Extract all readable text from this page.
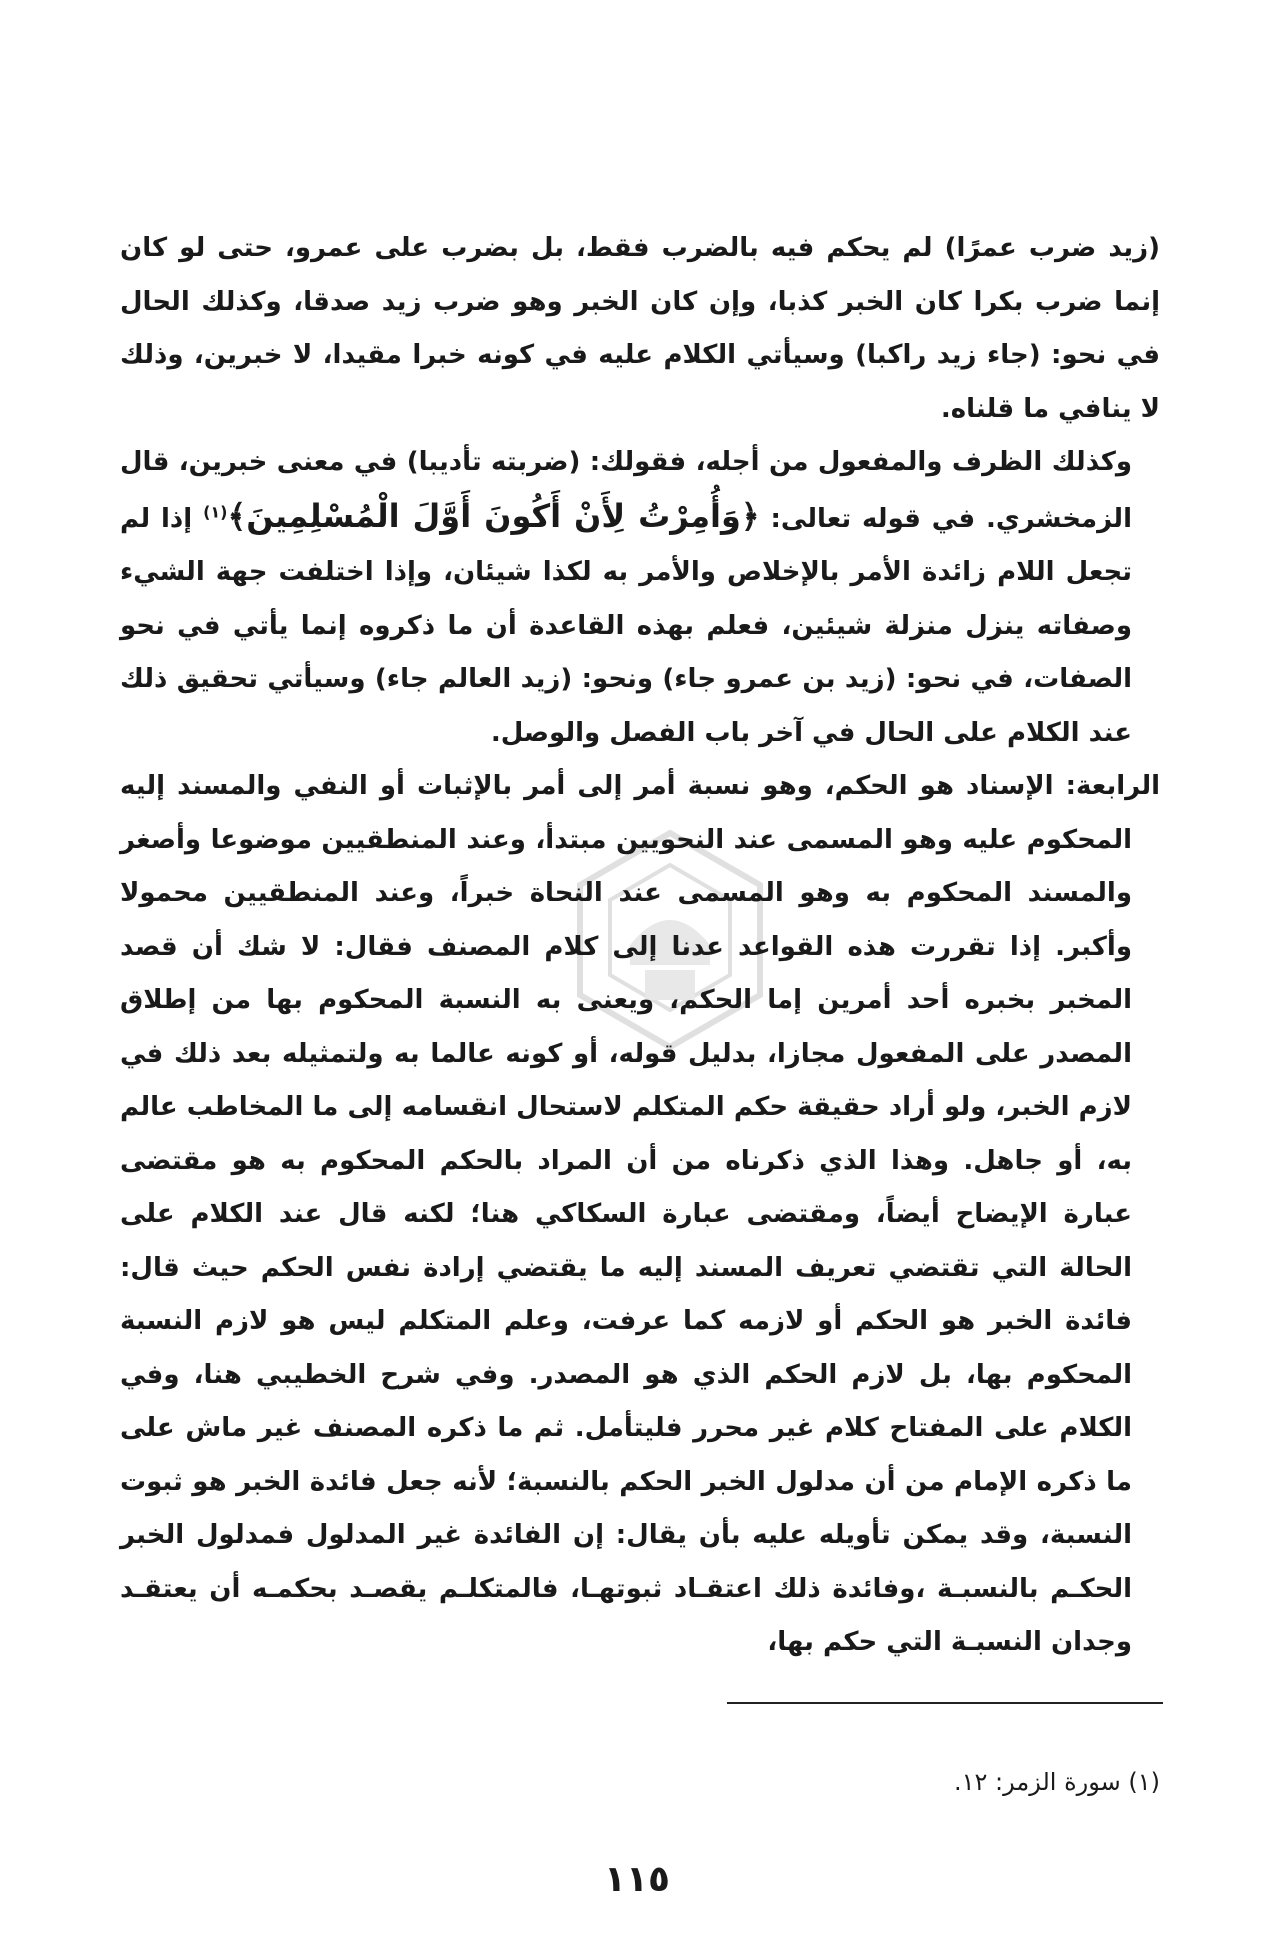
(زيد ضرب عمرًا) لم يحكم فيه بالضرب فقط، بل بضرب على عمرو، حتى لو كان إنما ضرب بكرا كان الخبر كذبا، وإن كان الخبر وهو ضرب زيد صدقا، وكذلك الحال في نحو: (جاء زيد راكبا) وسيأتي الكلام عليه في كونه خبرا مقيدا، لا خبرين، وذلك لا ينافي ما قلناه.

وكذلك الظرف والمفعول من أجله، فقولك: (ضربته تأديبا) في معنى خبرين، قال الزمخشري. في قوله تعالى: ﴿وَأُمِرْتُ لِأَنْ أَكُونَ أَوَّلَ الْمُسْلِمِينَ﴾$^{(١)}$ إذا لم تجعل اللام زائدة الأمر بالإخلاص والأمر به لكذا شيئان، وإذا اختلفت جهة الشيء وصفاته ينزل منزلة شيئين، فعلم بهذه القاعدة أن ما ذكروه إنما يأتي في نحو الصفات، في نحو: (زيد بن عمرو جاء) ونحو: (زيد العالم جاء) وسيأتي تحقيق ذلك عند الكلام على الحال في آخر باب الفصل والوصل.

الرابعة: الإسناد هو الحكم، وهو نسبة أمر إلى أمر بالإثبات أو النفي والمسند إليه المحكوم عليه وهو المسمى عند النحويين مبتدأ، وعند المنطقيين موضوعا وأصغر والمسند المحكوم به وهو المسمى عند النحاة خبراً، وعند المنطقيين محمولا وأكبر. إذا تقررت هذه القواعد عدنا إلى كلام المصنف فقال: لا شك أن قصد المخبر بخبره أحد أمرين إما الحكم، ويعنى به النسبة المحكوم بها من إطلاق المصدر على المفعول مجازا، بدليل قوله، أو كونه عالما به ولتمثيله بعد ذلك في لازم الخبر، ولو أراد حقيقة حكم المتكلم لاستحال انقسامه إلى ما المخاطب عالم به، أو جاهل. وهذا الذي ذكرناه من أن المراد بالحكم المحكوم به هو مقتضى عبارة الإيضاح أيضاً، ومقتضى عبارة السكاكي هنا؛ لكنه قال عند الكلام على الحالة التي تقتضي تعريف المسند إليه ما يقتضي إرادة نفس الحكم حيث قال: فائدة الخبر هو الحكم أو لازمه كما عرفت، وعلم المتكلم ليس هو لازم النسبة المحكوم بها، بل لازم الحكم الذي هو المصدر. وفي شرح الخطيبي هنا، وفي الكلام على المفتاح كلام غير محرر فليتأمل. ثم ما ذكره المصنف غير ماش على ما ذكره الإمام من أن مدلول الخبر الحكم بالنسبة؛ لأنه جعل فائدة الخبر هو ثبوت النسبة، وقد يمكن تأويله عليه بأن يقال: إن الفائدة غير المدلول فمدلول الخبر الحكـم بالنسبـة ،وفائدة ذلك اعتقـاد ثبوتهـا، فالمتكلـم يقصـد بحكمـه أن يعتقـد وجدان النسبـة التي حكم بها،

(١) سورة الزمر: ١٢.
١١٥
